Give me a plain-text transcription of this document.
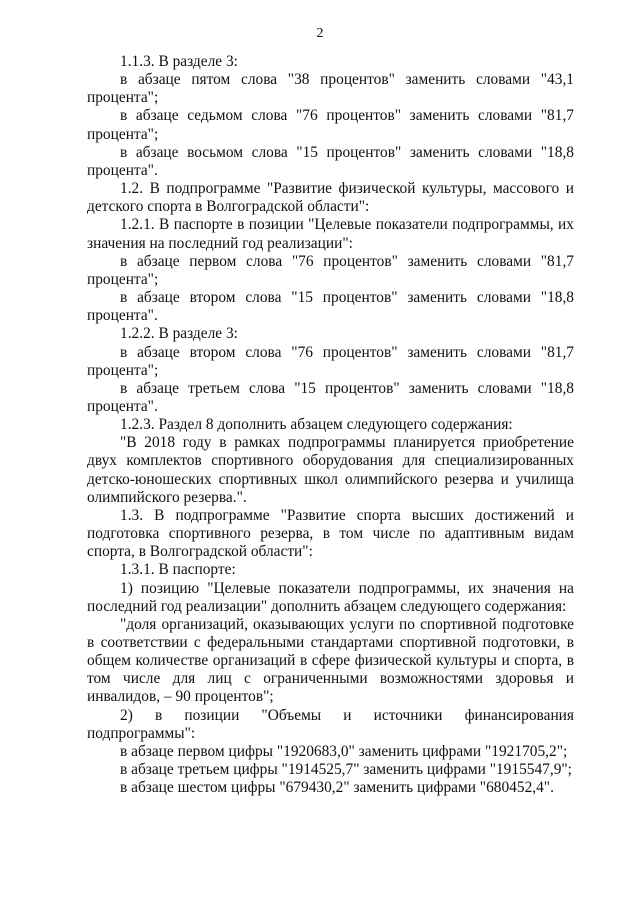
2

1.1.3. В разделе 3:

в абзаце пятом слова "38 процентов" заменить словами "43,1 процента";

в абзаце седьмом слова "76 процентов" заменить словами "81,7 процента";

в абзаце восьмом слова "15 процентов" заменить словами "18,8 процента".

1.2. В подпрограмме "Развитие физической культуры, массового и детского спорта в Волгоградской области":

1.2.1. В паспорте в позиции "Целевые показатели подпрограммы, их значения на последний год реализации":

в абзаце первом слова "76 процентов" заменить словами "81,7 процента";

в абзаце втором слова "15 процентов" заменить словами "18,8 процента".

1.2.2. В разделе 3:

в абзаце втором слова "76 процентов" заменить словами "81,7 процента";

в абзаце третьем слова "15 процентов" заменить словами "18,8 процента".

1.2.3. Раздел 8 дополнить абзацем следующего содержания:

"В 2018 году в рамках подпрограммы планируется приобретение двух комплектов спортивного оборудования для специализированных детско-юношеских спортивных школ олимпийского резерва и училища олимпийского резерва.".

1.3. В подпрограмме "Развитие спорта высших достижений и подготовка спортивного резерва, в том числе по адаптивным видам спорта, в Волгоградской области":

1.3.1. В паспорте:

1) позицию "Целевые показатели подпрограммы, их значения на последний год реализации" дополнить абзацем следующего содержания:

"доля организаций, оказывающих услуги по спортивной подготовке в соответствии с федеральными стандартами спортивной подготовки, в общем количестве организаций в сфере физической культуры и спорта, в том числе для лиц с ограниченными возможностями здоровья и инвалидов, – 90 процентов";

2) в позиции "Объемы и источники финансирования подпрограммы":

в абзаце первом цифры "1920683,0" заменить цифрами "1921705,2";

в абзаце третьем цифры "1914525,7" заменить цифрами "1915547,9";

в абзаце шестом цифры "679430,2" заменить цифрами "680452,4".
